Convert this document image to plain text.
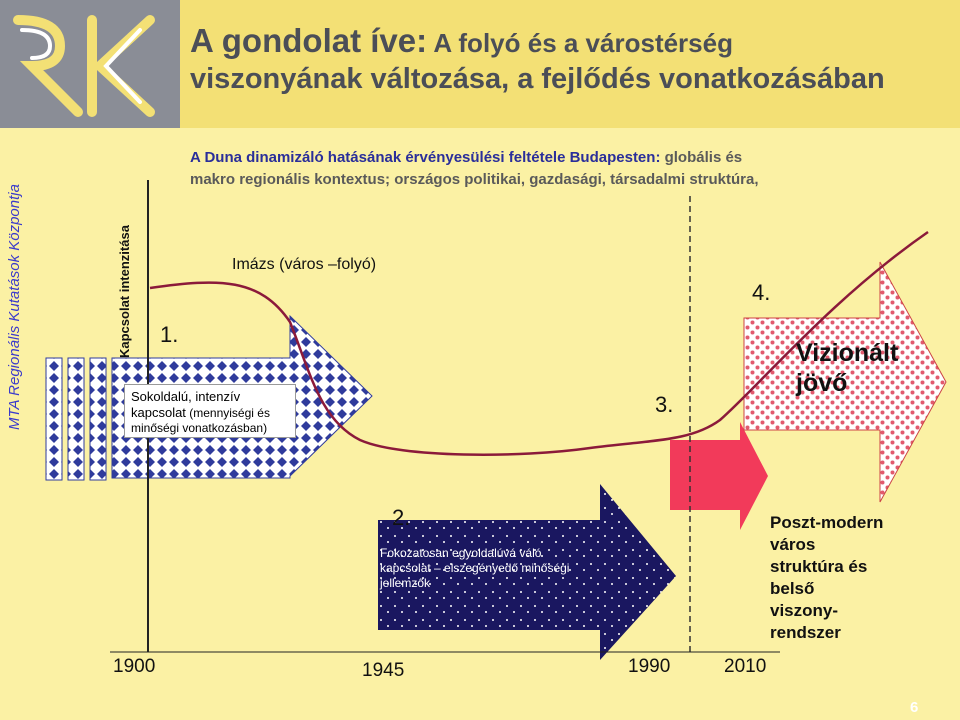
A gondolat íve: A folyó és a várostérség
viszonyának változása, a fejlődés vonatkozásában
MTA Regionális Kutatások Központja	Kapcsolat intenzitása
A Duna dinamizáló hatásának érvényesülési feltétele Budapesten: globális és
makro regionális kontextus; országos politikai, gazdasági, társadalmi struktúra,
Imázs (város –folyó)
1.
2.
3.
4.
Sokoldalú, intenzív
kapcsolat (mennyiségi és
minőségi vonatkozásban)
Fokozatosan egyoldalúvá váló
kapcsolat – elszegényedő minőségi
jellemzők
Vizionált
jövő
Poszt-modern
város
struktúra és
belső
viszony-
rendszer
1900	1945	1990	2010
6
